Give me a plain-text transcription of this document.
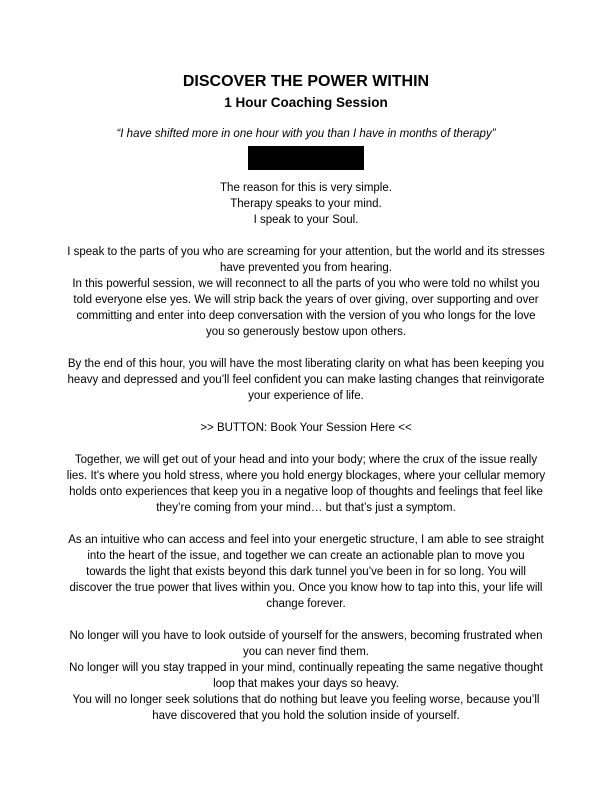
DISCOVER THE POWER WITHIN
1 Hour Coaching Session

“I have shifted more in one hour with you than I have in months of therapy”

The reason for this is very simple.

Therapy speaks to your mind.

I speak to your Soul.

I speak to the parts of you who are screaming for your attention, but the world and its stresses have prevented you from hearing.

In this powerful session, we will reconnect to all the parts of you who were told no whilst you told everyone else yes. We will strip back the years of over giving, over supporting and over committing and enter into deep conversation with the version of you who longs for the love you so generously bestow upon others.

By the end of this hour, you will have the most liberating clarity on what has been keeping you heavy and depressed and you’ll feel confident you can make lasting changes that reinvigorate your experience of life.

>> BUTTON: Book Your Session Here <<

Together, we will get out of your head and into your body; where the crux of the issue really lies. It's where you hold stress, where you hold energy blockages, where your cellular memory holds onto experiences that keep you in a negative loop of thoughts and feelings that feel like they’re coming from your mind… but that’s just a symptom.

As an intuitive who can access and feel into your energetic structure, I am able to see straight into the heart of the issue, and together we can create an actionable plan to move you towards the light that exists beyond this dark tunnel you’ve been in for so long. You will discover the true power that lives within you. Once you know how to tap into this, your life will change forever.

No longer will you have to look outside of yourself for the answers, becoming frustrated when you can never find them.

No longer will you stay trapped in your mind, continually repeating the same negative thought loop that makes your days so heavy.

You will no longer seek solutions that do nothing but leave you feeling worse, because you’ll have discovered that you hold the solution inside of yourself.
